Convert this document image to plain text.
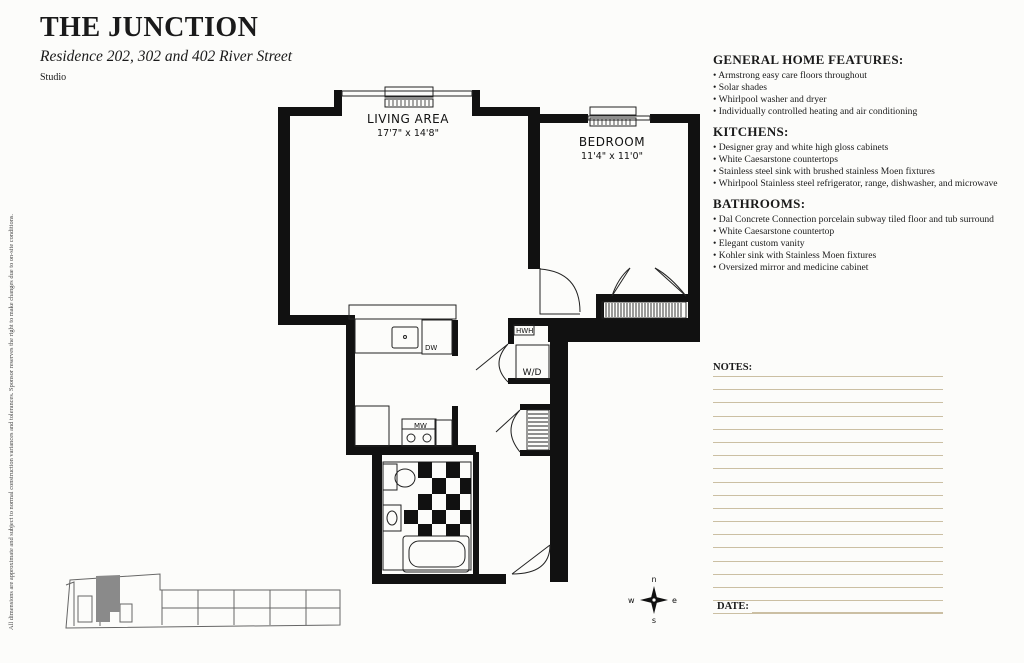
THE JUNCTION
Residence 202, 302 and 402 River Street
Studio
All dimensions are approximate and subject to normal construction variances and tolerances. Sponsor reserves the right to make changes due to on-site conditions.
LIVING AREA
17'7" x 14'8"
BEDROOM
11'4" x 11'0"
DW
MW
HWH
W/D
n
s
e
w
GENERAL HOME FEATURES:
• Armstrong easy care floors throughout
• Solar shades
• Whirlpool washer and dryer
• Individually controlled heating and air conditioning
KITCHENS:
• Designer gray and white high gloss cabinets
• White Caesarstone countertops
• Stainless steel sink with brushed stainless Moen fixtures
• Whirlpool Stainless steel refrigerator, range, dishwasher, and microwave
BATHROOMS:
• Dal Concrete Connection porcelain subway tiled floor and tub surround
• White Caesarstone countertop
• Elegant custom vanity
• Kohler sink with Stainless Moen fixtures
• Oversized mirror and medicine cabinet
NOTES:
DATE:
